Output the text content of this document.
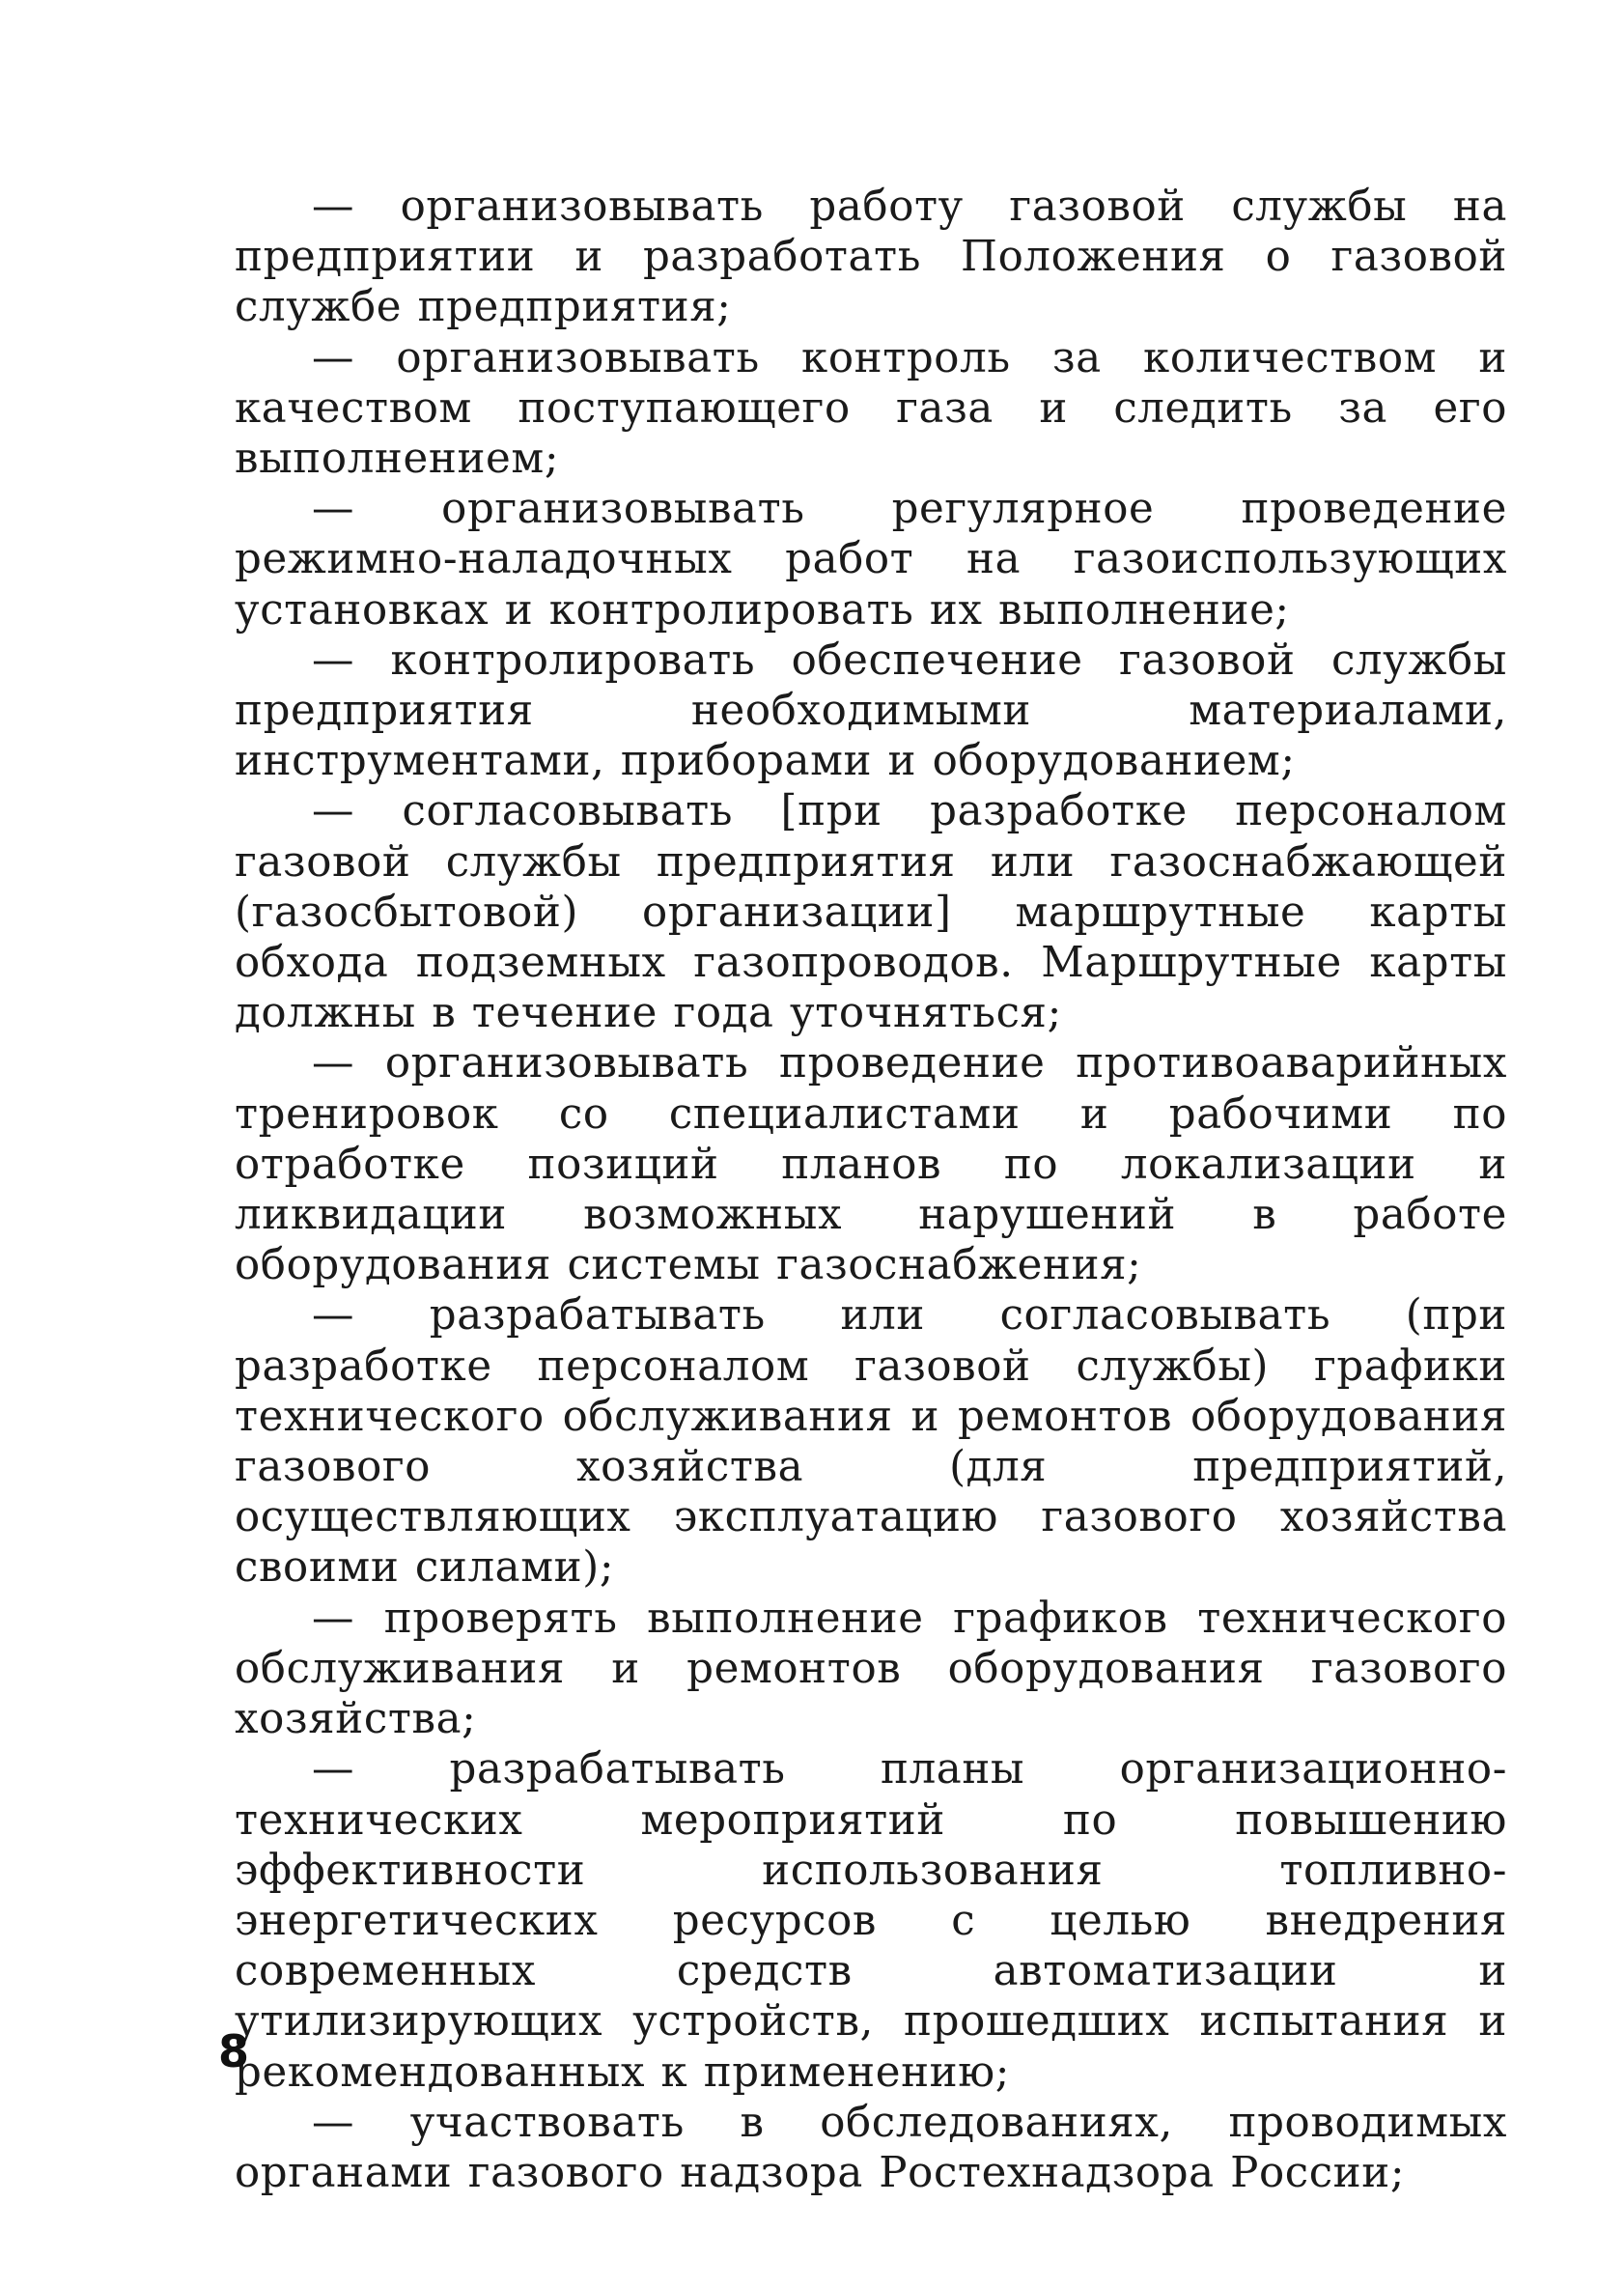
— организовывать работу газовой службы на предприятии и разработать Положения о газовой службе предприятия;

— организовывать контроль за количеством и качеством поступающего газа и следить за его выполнением;

— организовывать регулярное проведение режимно-наладочных работ на газоиспользующих установках и контролировать их выполнение;

— контролировать обеспечение газовой службы предприятия необходимыми материалами, инструментами, приборами и оборудованием;

— согласовывать [при разработке персоналом газовой службы предприятия или газоснабжающей (газосбытовой) организации] маршрутные карты обхода подземных газопроводов. Маршрутные карты должны в течение года уточняться;

— организовывать проведение противоаварийных тренировок со специалистами и рабочими по отработке позиций планов по локализации и ликвидации возможных нарушений в работе оборудования системы газоснабжения;

— разрабатывать или согласовывать (при разработке персоналом газовой службы) графики технического обслуживания и ремонтов оборудования газового хозяйства (для предприятий, осуществляющих эксплуатацию газового хозяйства своими силами);

— проверять выполнение графиков технического обслуживания и ремонтов оборудования газового хозяйства;

— разрабатывать планы организационно-технических мероприятий по повышению эффективности использования топливно-энергетических ресурсов с целью внедрения современных средств автоматизации и утилизирующих устройств, прошедших испытания и рекомендованных к применению;

— участвовать в обследованиях, проводимых органами газового надзора Ростехнадзора России;

8
